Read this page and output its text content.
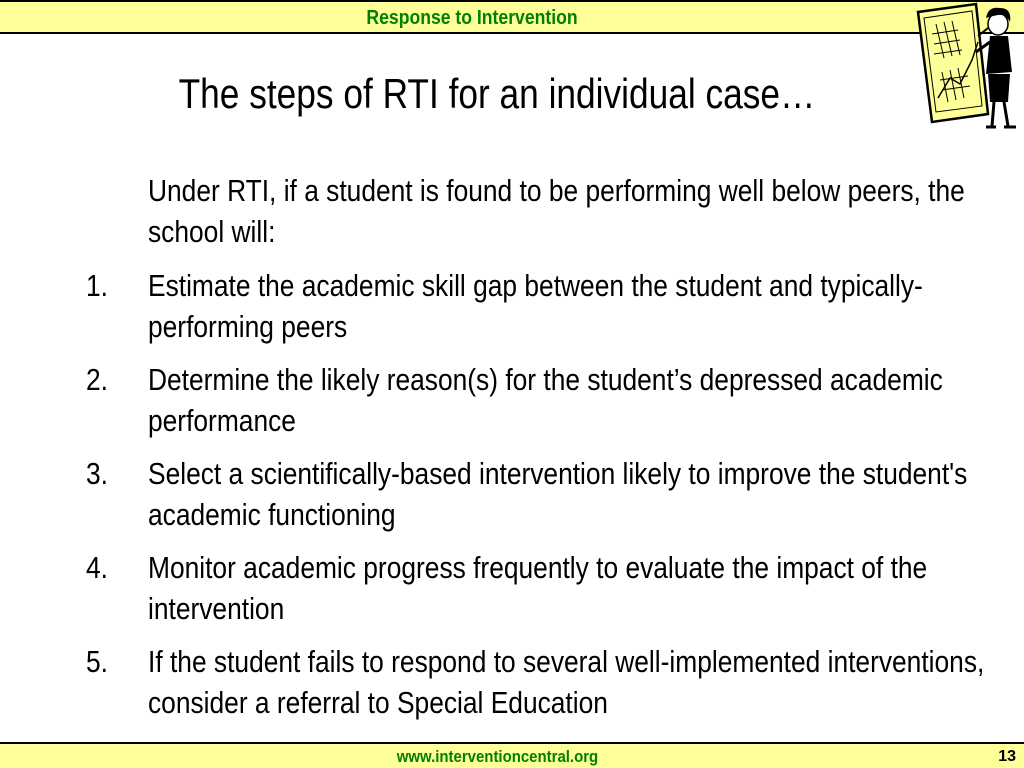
Response to Intervention
The steps of RTI for an individual case…
Under RTI, if a student is found to be performing well below peers, the school will:
1. Estimate the academic skill gap between the student and typically-performing peers
2. Determine the likely reason(s) for the student’s depressed academic performance
3. Select a scientifically-based intervention likely to improve the student's academic functioning
4. Monitor academic progress frequently to evaluate the impact of the intervention
5. If the student fails to respond to several well-implemented interventions, consider a referral to Special Education
www.interventioncentral.org	13
